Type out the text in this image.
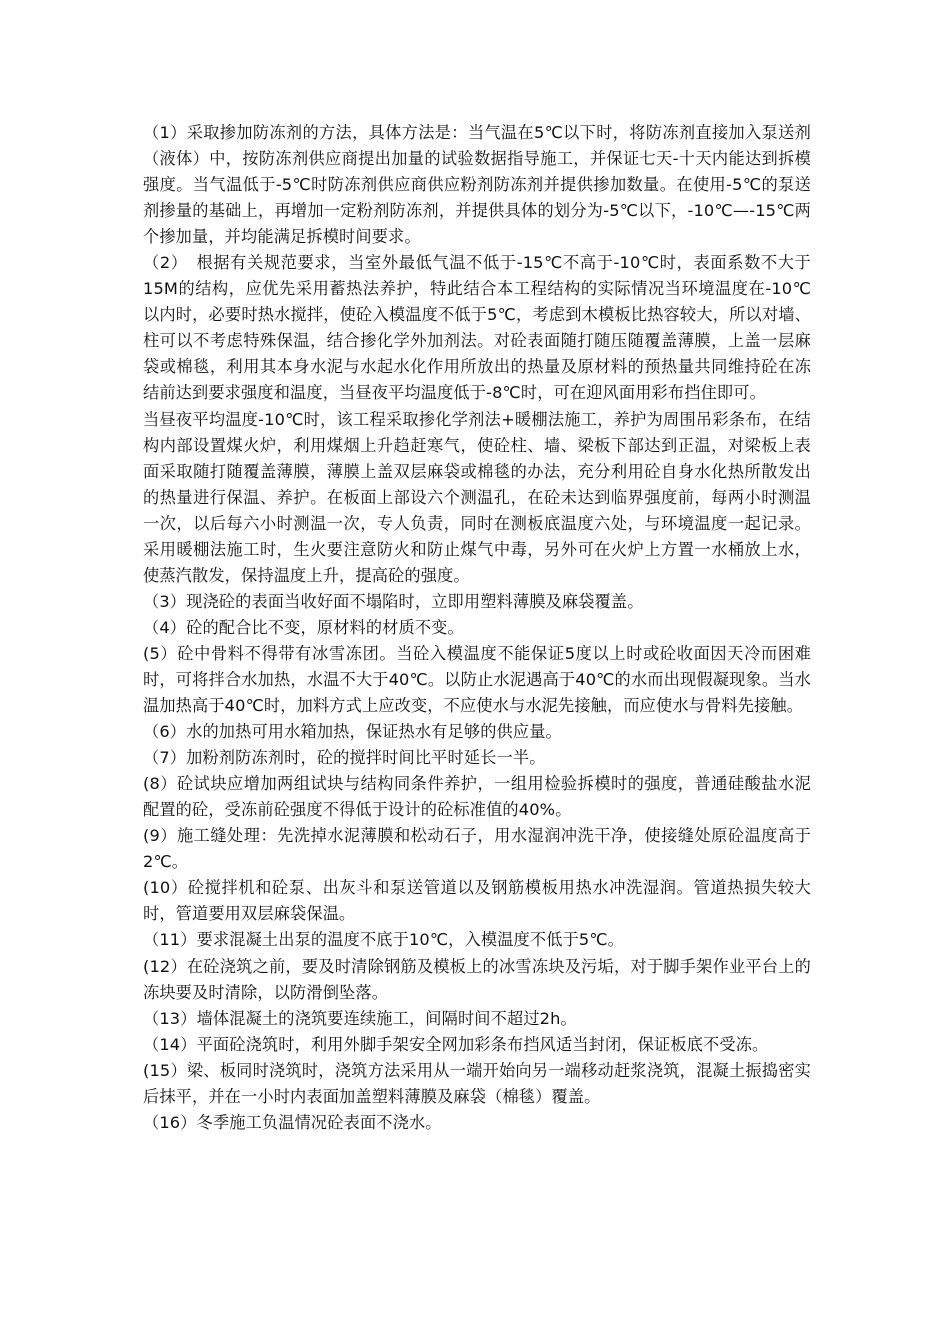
（1）采取掺加防冻剂的方法，具体方法是：当气温在5℃以下时，将防冻剂直接加入泵送剂（液体）中，按防冻剂供应商提出加量的试验数据指导施工，并保证七天-十天内能达到拆模强度。当气温低于-5℃时防冻剂供应商供应粉剂防冻剂并提供掺加数量。在使用-5℃的泵送剂掺量的基础上，再增加一定粉剂防冻剂，并提供具体的划分为-5℃以下，-10℃—-15℃两个掺加量，并均能满足拆模时间要求。

（2）　根据有关规范要求，当室外最低气温不低于-15℃不高于-10℃时，表面系数不大于15M的结构，应优先采用蓄热法养护，特此结合本工程结构的实际情况当环境温度在-10℃以内时，必要时热水搅拌，使砼入模温度不低于5℃，考虑到木模板比热容较大，所以对墙、柱可以不考虑特殊保温，结合掺化学外加剂法。对砼表面随打随压随覆盖薄膜，上盖一层麻袋或棉毯，利用其本身水泥与水起水化作用所放出的热量及原材料的预热量共同维持砼在冻结前达到要求强度和温度，当昼夜平均温度低于-8℃时，可在迎风面用彩布挡住即可。

当昼夜平均温度-10℃时，该工程采取掺化学剂法+暖棚法施工，养护为周围吊彩条布，在结构内部设置煤火炉，利用煤烟上升趋赶寒气，使砼柱、墙、梁板下部达到正温，对梁板上表面采取随打随覆盖薄膜，薄膜上盖双层麻袋或棉毯的办法，充分利用砼自身水化热所散发出的热量进行保温、养护。在板面上部设六个测温孔，在砼未达到临界强度前，每两小时测温一次，以后每六小时测温一次，专人负责，同时在测板底温度六处，与环境温度一起记录。采用暖棚法施工时，生火要注意防火和防止煤气中毒，另外可在火炉上方置一水桶放上水，使蒸汽散发，保持温度上升，提高砼的强度。

（3）现浇砼的表面当收好面不塌陷时，立即用塑料薄膜及麻袋覆盖。

（4）砼的配合比不变，原材料的材质不变。

(5）砼中骨料不得带有冰雪冻团。当砼入模温度不能保证5度以上时或砼收面因天冷而困难时，可将拌合水加热，水温不大于40℃。以防止水泥遇高于40℃的水而出现假凝现象。当水温加热高于40℃时，加料方式上应改变，不应使水与水泥先接触，而应使水与骨料先接触。

（6）水的加热可用水箱加热，保证热水有足够的供应量。

（7）加粉剂防冻剂时，砼的搅拌时间比平时延长一半。

(8）砼试块应增加两组试块与结构同条件养护，一组用检验拆模时的强度，普通硅酸盐水泥配置的砼，受冻前砼强度不得低于设计的砼标准值的40%。

(9）施工缝处理：先洗掉水泥薄膜和松动石子，用水湿润冲洗干净，使接缝处原砼温度高于2℃。

(10）砼搅拌机和砼泵、出灰斗和泵送管道以及钢筋模板用热水冲洗湿润。管道热损失较大时，管道要用双层麻袋保温。

（11）要求混凝土出泵的温度不底于10℃，入模温度不低于5℃。

(12）在砼浇筑之前，要及时清除钢筋及模板上的冰雪冻块及污垢，对于脚手架作业平台上的冻块要及时清除，以防滑倒坠落。

（13）墙体混凝土的浇筑要连续施工，间隔时间不超过2h。

（14）平面砼浇筑时，利用外脚手架安全网加彩条布挡风适当封闭，保证板底不受冻。

(15）梁、板同时浇筑时，浇筑方法采用从一端开始向另一端移动赶浆浇筑，混凝土振捣密实后抹平，并在一小时内表面加盖塑料薄膜及麻袋（棉毯）覆盖。

（16）冬季施工负温情况砼表面不浇水。
